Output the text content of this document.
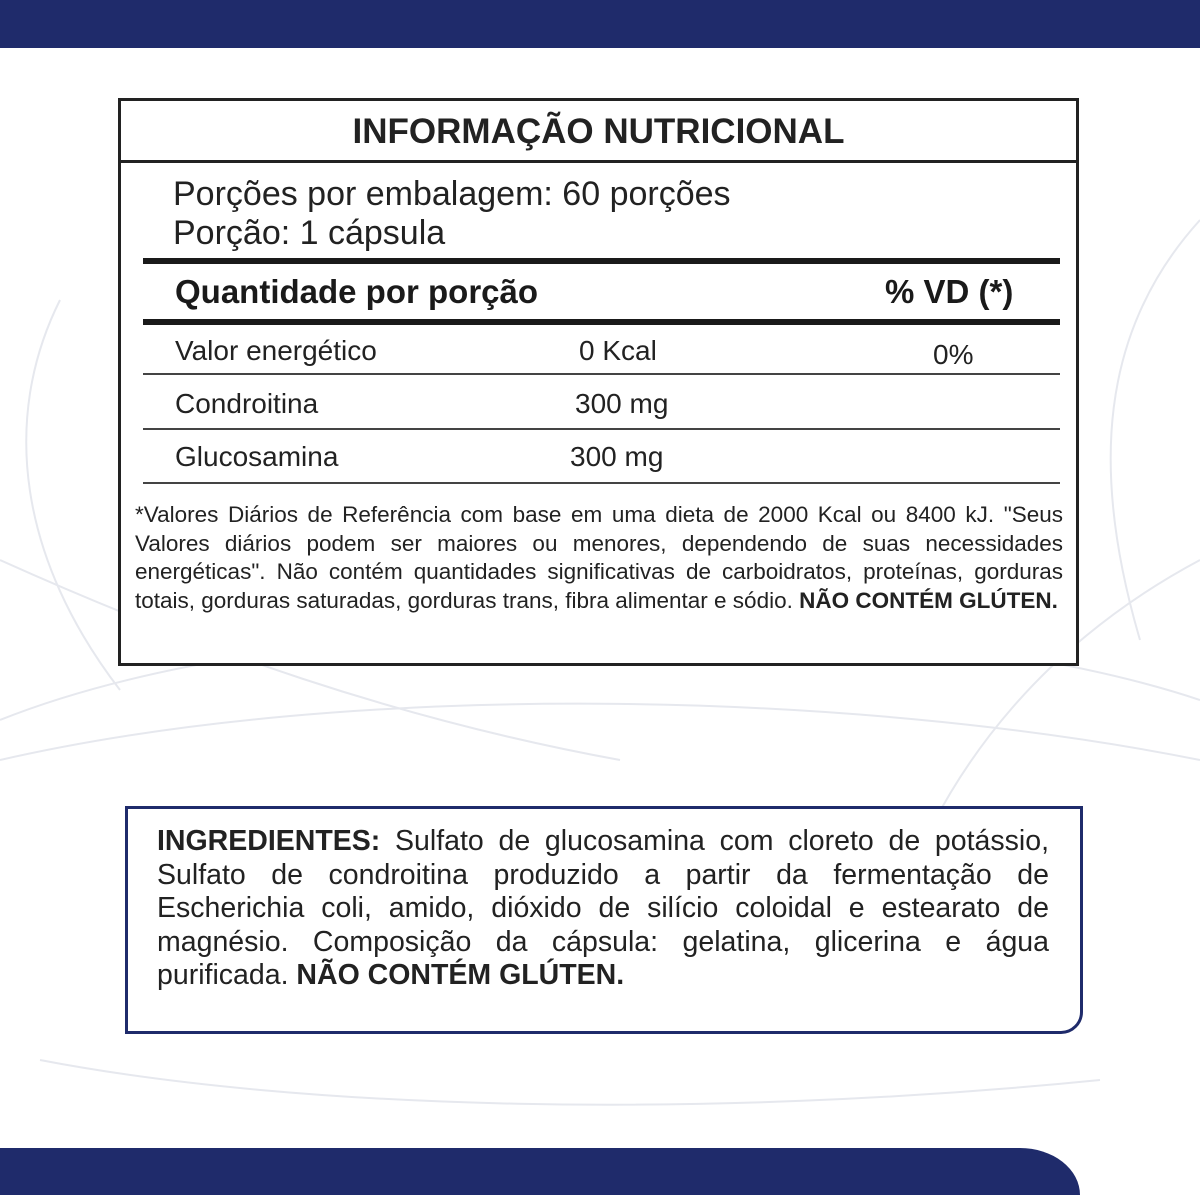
INFORMAÇÃO NUTRICIONAL
Porções por embalagem: 60 porções
Porção: 1 cápsula
Quantidade por porção	% VD (*)
Valor energético	0 Kcal	0%
Condroitina	300 mg
Glucosamina	300 mg
*Valores Diários de Referência com base em uma dieta de 2000 Kcal ou 8400 kJ. "Seus Valores diários podem ser maiores ou menores, dependendo de suas necessidades energéticas". Não contém quantidades significativas de carboidratos, proteínas, gorduras totais, gorduras saturadas, gorduras trans, fibra alimentar e sódio. NÃO CONTÉM GLÚTEN.
INGREDIENTES: Sulfato de glucosamina com cloreto de potássio, Sulfato de condroitina produzido a partir da fermentação de Escherichia coli, amido, dióxido de silício coloidal e estearato de magnésio. Composição da cápsula: gelatina, glicerina e água purificada. NÃO CONTÉM GLÚTEN.
